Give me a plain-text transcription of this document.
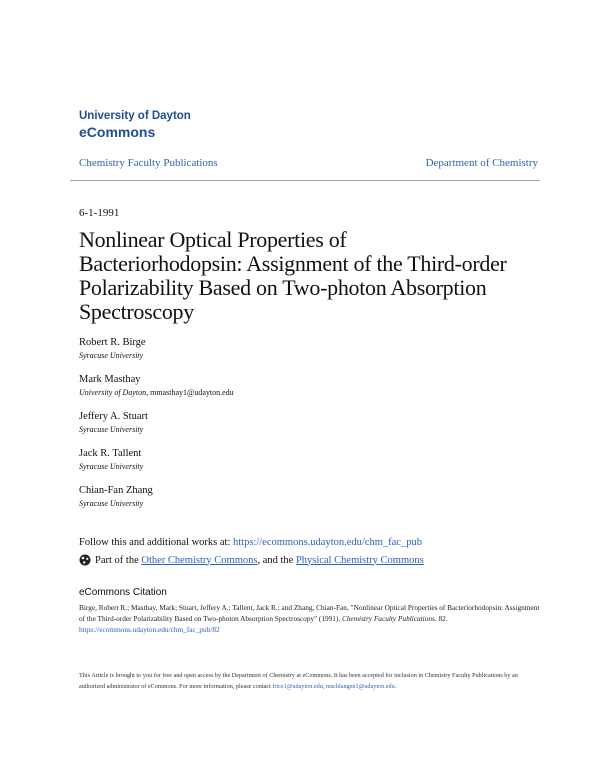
University of Dayton
eCommons
Chemistry Faculty Publications	Department of Chemistry
6-1-1991
Nonlinear Optical Properties of
Bacteriorhodopsin: Assignment of the Third-order
Polarizability Based on Two-photon Absorption
Spectroscopy
Robert R. Birge
Syracuse University
Mark Masthay
University of Dayton, mmasthay1@udayton.edu
Jeffery A. Stuart
Syracuse University
Jack R. Tallent
Syracuse University
Chian-Fan Zhang
Syracuse University
Follow this and additional works at: https://ecommons.udayton.edu/chm_fac_pub
Part of the
Other Chemistry Commons , and the
Physical Chemistry Commons
eCommons Citation
Birge, Robert R.; Masthay, Mark; Stuart, Jeffery A.; Tallent, Jack R.; and Zhang, Chian-Fan, "Nonlinear Optical Properties of Bacteriorhodopsin: Assignment of the Third-order Polarizability Based on Two-photon Absorption Spectroscopy" (1991). Chemistry Faculty Publications. 82.
https://ecommons.udayton.edu/chm_fac_pub/82
This Article is brought to you for free and open access by the Department of Chemistry at eCommons. It has been accepted for inclusion in Chemistry Faculty Publications by an authorized administrator of eCommons. For more information, please contact frice1@udayton.edu, mschlangen1@udayton.edu.
